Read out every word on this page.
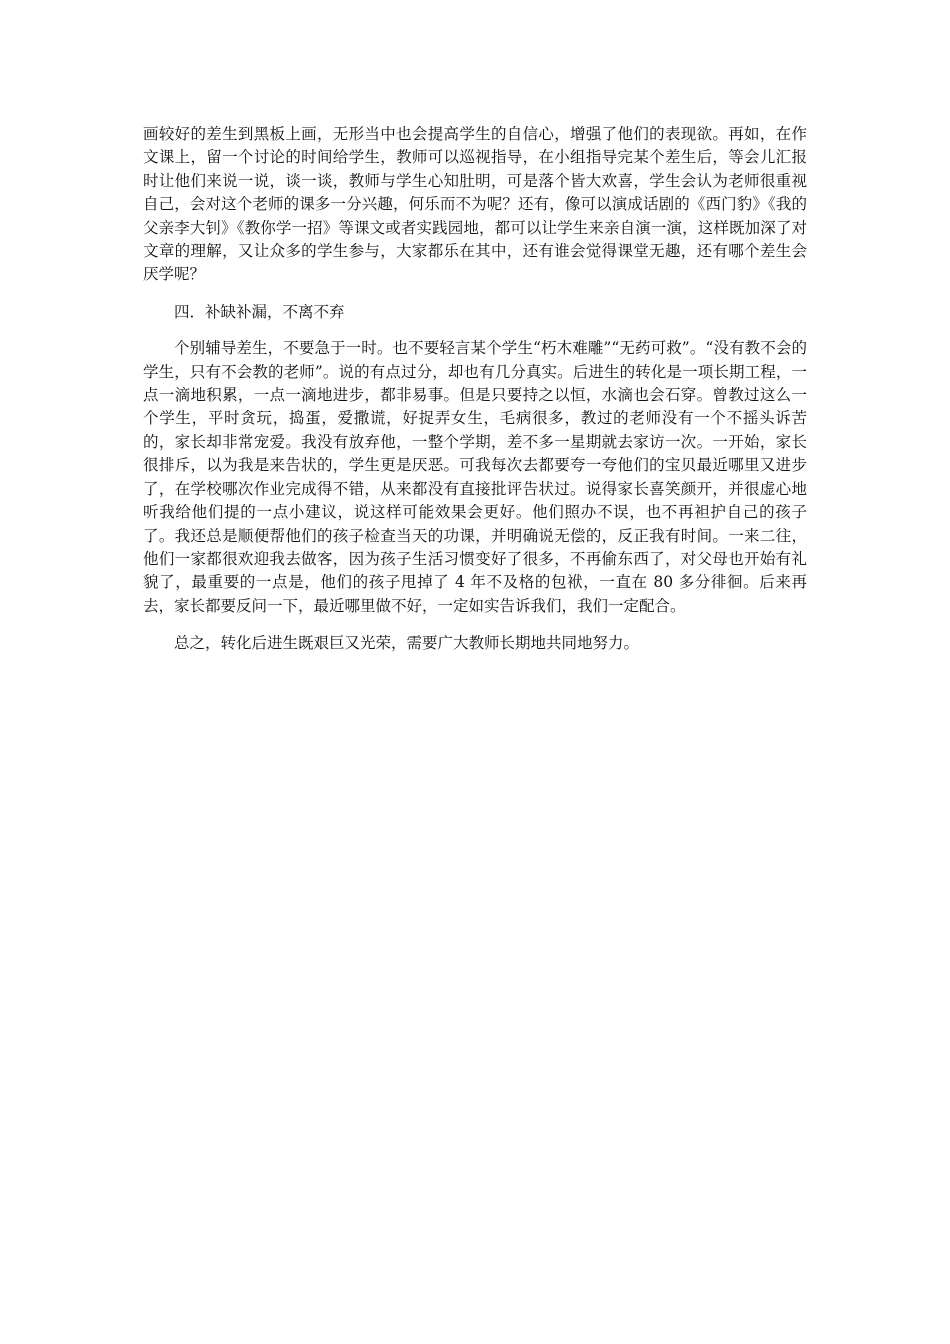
画较好的差生到黑板上画，无形当中也会提高学生的自信心，增强了他们的表现欲。再如，在作文课上，留一个讨论的时间给学生，教师可以巡视指导，在小组指导完某个差生后，等会儿汇报时让他们来说一说，谈一谈，教师与学生心知肚明，可是落个皆大欢喜，学生会认为老师很重视自己，会对这个老师的课多一分兴趣，何乐而不为呢？还有，像可以演成话剧的《西门豹》《我的父亲李大钊》《教你学一招》等课文或者实践园地，都可以让学生来亲自演一演，这样既加深了对文章的理解，又让众多的学生参与，大家都乐在其中，还有谁会觉得课堂无趣，还有哪个差生会厌学呢？

四．补缺补漏，不离不弃

个别辅导差生，不要急于一时。也不要轻言某个学生“朽木难雕”“无药可救”。“没有教不会的学生，只有不会教的老师”。说的有点过分，却也有几分真实。后进生的转化是一项长期工程，一点一滴地积累，一点一滴地进步，都非易事。但是只要持之以恒，水滴也会石穿。曾教过这么一个学生，平时贪玩，捣蛋，爱撒谎，好捉弄女生，毛病很多，教过的老师没有一个不摇头诉苦的，家长却非常宠爱。我没有放弃他，一整个学期，差不多一星期就去家访一次。一开始，家长很排斥，以为我是来告状的，学生更是厌恶。可我每次去都要夸一夸他们的宝贝最近哪里又进步了，在学校哪次作业完成得不错，从来都没有直接批评告状过。说得家长喜笑颜开，并很虚心地听我给他们提的一点小建议，说这样可能效果会更好。他们照办不误，也不再袒护自己的孩子了。我还总是顺便帮他们的孩子检查当天的功课，并明确说无偿的，反正我有时间。一来二往，他们一家都很欢迎我去做客，因为孩子生活习惯变好了很多，不再偷东西了，对父母也开始有礼貌了，最重要的一点是，他们的孩子甩掉了 4 年不及格的包袱，一直在 80 多分徘徊。后来再去，家长都要反问一下，最近哪里做不好，一定如实告诉我们，我们一定配合。

总之，转化后进生既艰巨又光荣，需要广大教师长期地共同地努力。
